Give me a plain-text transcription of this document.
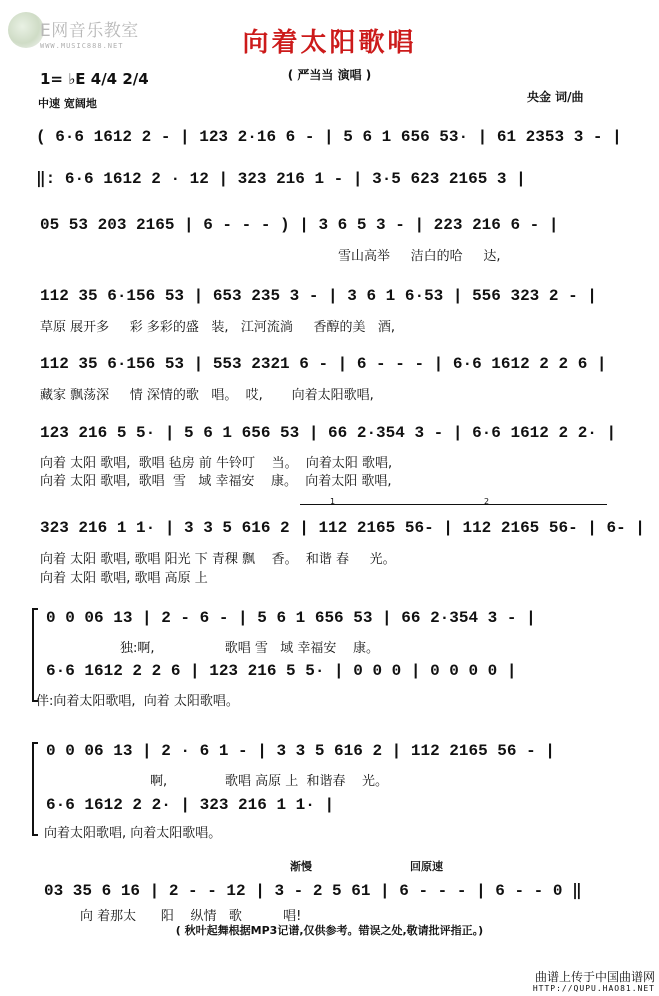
E网音乐教室
WWW.MUSIC888.NET	向着太阳歌唱
( 严当当 演唱 )
1= ♭E 4/4 2/4
中速 宽阔地	央金 词/曲
( 6·6 1612 2 - | 123 2·16 6 - | 5 6 1 656 53· | 61 2353 3 - |
‖: 6·6 1612 2 · 12 | 323 216 1 - | 3·5 623 2165 3 |
05 53 203 2165 | 6 - - - ) | 3 6 5 3 - | 223 216 6 - |
雪山高举     洁白的哈     达,
112 35 6·156 53 | 653 235 3 - | 3 6 1 6·53 | 556 323 2 - |
草原 展开多     彩 多彩的盛   装,   江河流淌     香醇的美   酒,
112 35 6·156 53 | 553 2321 6 - | 6 - - - | 6·6 1612 2 2 6 |
藏家 飘荡深     情 深情的歌   唱。  哎,       向着太阳歌唱,
123 216 5 5· | 5 6 1 656 53 | 66 2·354 3 - | 6·6 1612 2 2· |
向着 太阳 歌唱,  歌唱 毡房 前 牛铃叮    当。  向着太阳 歌唱,
向着 太阳 歌唱,  歌唱  雪   域 幸福安    康。  向着太阳 歌唱,
1	2
323 216 1 1· | 3 3 5 616 2 | 112 2165 56- | 112 2165 56- | 6- |
向着 太阳 歌唱, 歌唱 阳光 下 青稞 飘    香。  和谐 春     光。
向着 太阳 歌唱, 歌唱 高原 上
0 0 06 13 | 2 - 6 - | 5 6 1 656 53 | 66 2·354 3 - |
独:啊,                 歌唱 雪   域 幸福安    康。
6·6 1612 2 2 6 | 123 216 5 5· | 0 0 0 | 0 0 0 0 |
伴:向着太阳歌唱,  向着 太阳歌唱。
0 0 06 13 | 2 · 6 1 - | 3 3 5 616 2 | 112 2165 56 - |
啊,              歌唱 高原 上  和谐春    光。
6·6 1612 2 2· | 323 216 1 1· |
向着太阳歌唱, 向着太阳歌唱。
渐慢	回原速
03 35 6 16 | 2 - - 12 | 3 - 2 5 61 | 6 - - - | 6 - - 0 ‖
向 着那太      阳    纵情   歌          唱!
( 秋叶起舞根据MP3记谱,仅供参考。错误之处,敬请批评指正。)
曲谱上传于中国曲谱网
HTTP://QUPU.HAO81.NET
